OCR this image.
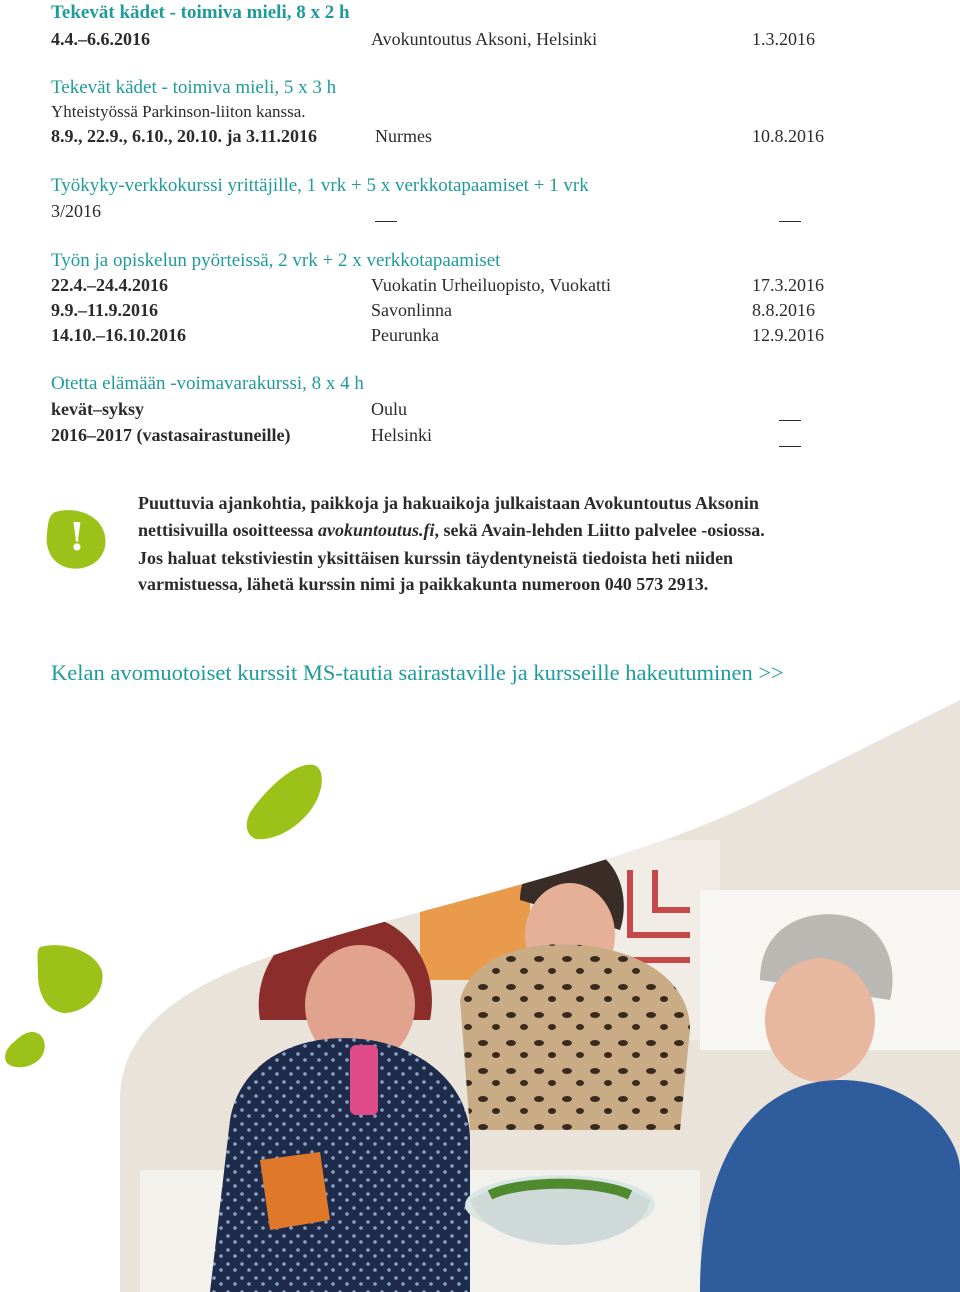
Tekevät kädet - toimiva mieli, 8 x 2 h
4.4.–6.6.2016	Avokuntoutus Aksoni, Helsinki	1.3.2016
Tekevät kädet - toimiva mieli, 5 x 3 h
Yhteistyössä Parkinson-liiton kanssa.
8.9., 22.9., 6.10., 20.10. ja 3.11.2016	Nurmes	10.8.2016
Työkyky-verkkokurssi yrittäjille, 1 vrk + 5 x verkkotapaamiset + 1 vrk
3/2016
Työn ja opiskelun pyörteissä, 2 vrk + 2 x verkkotapaamiset
22.4.–24.4.2016	Vuokatin Urheiluopisto, Vuokatti	17.3.2016
9.9.–11.9.2016	Savonlinna	8.8.2016
14.10.–16.10.2016	Peurunka	12.9.2016
Otetta elämään -voimavarakurssi, 8 x 4 h
kevät–syksy	Oulu
2016–2017 (vastasairastuneille)	Helsinki
!
Puuttuvia ajankohtia, paikkoja ja hakuaikoja julkaistaan Avokuntoutus Aksonin
nettisivuilla osoitteessa avokuntoutus.fi, sekä Avain-lehden Liitto palvelee -osiossa.
Jos haluat tekstiviestin yksittäisen kurssin täydentyneistä tiedoista heti niiden
varmistuessa, lähetä kurssin nimi ja paikkakunta numeroon 040 573 2913.
Kelan avomuotoiset kurssit MS-tautia sairastaville ja kursseille hakeutuminen >>
